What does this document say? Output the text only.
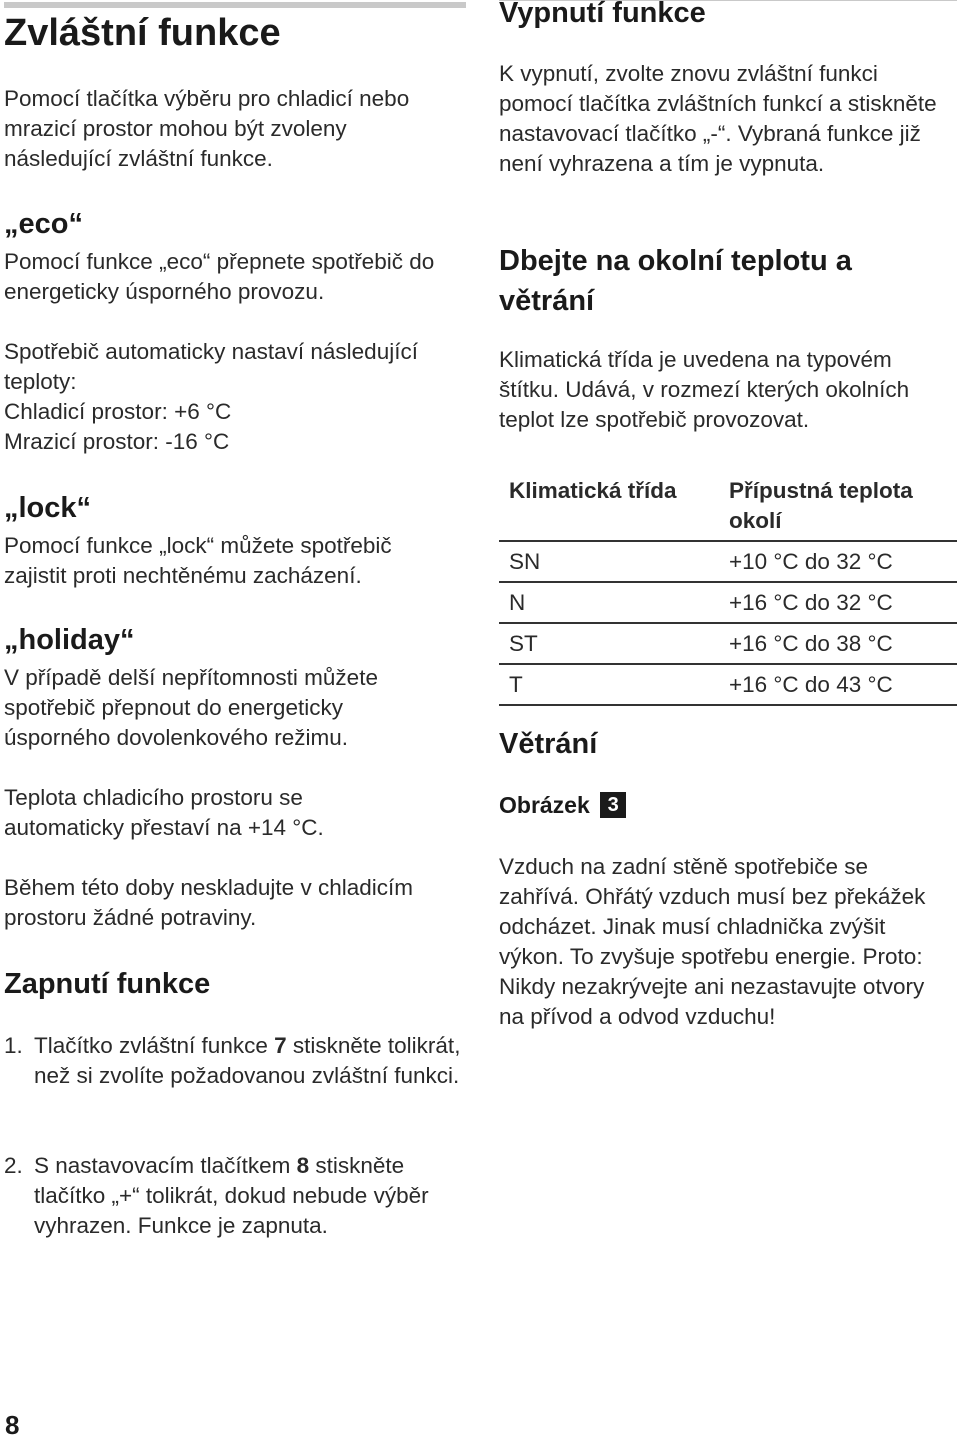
Zvláštní funkce

Pomocí tlačítka výběru pro chladicí nebo mrazicí prostor mohou být zvoleny následující zvláštní funkce.

„eco“

Pomocí funkce „eco“ přepnete spotřebič do energeticky úsporného provozu.

Spotřebič automaticky nastaví následující teploty:

Chladicí prostor: +6 °C

Mrazicí prostor: -16 °C

„lock“

Pomocí funkce „lock“ můžete spotřebič zajistit proti nechtěnému zacházení.

„holiday“

V případě delší nepřítomnosti můžete spotřebič přepnout do energeticky úsporného dovolenkového režimu.

Teplota chladicího prostoru se automaticky přestaví na +14 °C.

Během této doby neskladujte v chladicím prostoru žádné potraviny.

Zapnutí funkce
1. Tlačítko zvláštní funkce 7 stiskněte tolikrát, než si zvolíte požadovanou zvláštní funkci.
2. S nastavovacím tlačítkem 8 stiskněte tlačítko „+“ tolikrát, dokud nebude výběr vyhrazen. Funkce je zapnuta.
Vypnutí funkce

K vypnutí, zvolte znovu zvláštní funkci pomocí tlačítka zvláštních funkcí a stiskněte nastavovací tlačítko „-“. Vybraná funkce již není vyhrazena a tím je vypnuta.

Dbejte na okolní teplotu a větrání

Klimatická třída je uvedena na typovém štítku. Udává, v rozmezí kterých okolních teplot lze spotřebič provozovat.

Klimatická třída	Přípustná teplota okolí
SN	+10 °C do 32 °C
N	+16 °C do 32 °C
ST	+16 °C do 38 °C
T	+16 °C do 43 °C
Větrání
Obrázek 3

Vzduch na zadní stěně spotřebiče se zahřívá. Ohřátý vzduch musí bez překážek odcházet. Jinak musí chladnička zvýšit výkon. To zvyšuje spotřebu energie. Proto: Nikdy nezakrývejte ani nezastavujte otvory na přívod a odvod vzduchu!

8
